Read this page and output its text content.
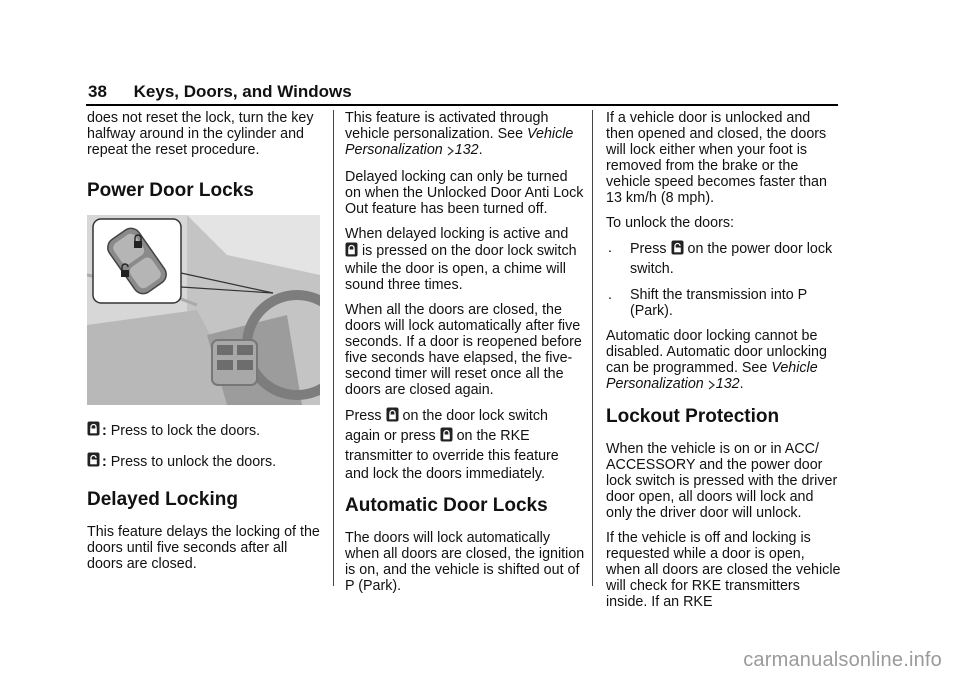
38 Keys, Doors, and Windows

does not reset the lock, turn the key halfway around in the cylinder and repeat the reset procedure.

Power Door Locks
: Press to lock the doors.
: Press to unlock the doors.
Delayed Locking

This feature delays the locking of the doors until five seconds after all doors are closed.

This feature is activated through vehicle personalization. See Vehicle Personalization 132.

Delayed locking can only be turned on when the Unlocked Door Anti Lock Out feature has been turned off.

When delayed locking is active and  is pressed on the door lock switch while the door is open, a chime will sound three times.

When all the doors are closed, the doors will lock automatically after five seconds. If a door is reopened before five seconds have elapsed, the five-second timer will reset once all the doors are closed again.

Press on the door lock switch again or press on the RKE transmitter to override this feature and lock the doors immediately.

Automatic Door Locks

The doors will lock automatically when all doors are closed, the ignition is on, and the vehicle is shifted out of P (Park).

If a vehicle door is unlocked and then opened and closed, the doors will lock either when your foot is removed from the brake or the vehicle speed becomes faster than 13 km/h (8 mph).

To unlock the doors:

.	Press on the power door lock switch.
.	Shift the transmission into P (Park).

Automatic door locking cannot be disabled. Automatic door unlocking can be programmed. See Vehicle Personalization 132.

Lockout Protection

When the vehicle is on or in ACC/ ACCESSORY and the power door lock switch is pressed with the driver door open, all doors will lock and only the driver door will unlock.

If the vehicle is off and locking is requested while a door is open, when all doors are closed the vehicle will check for RKE transmitters inside. If an RKE

carmanualsonline.info
